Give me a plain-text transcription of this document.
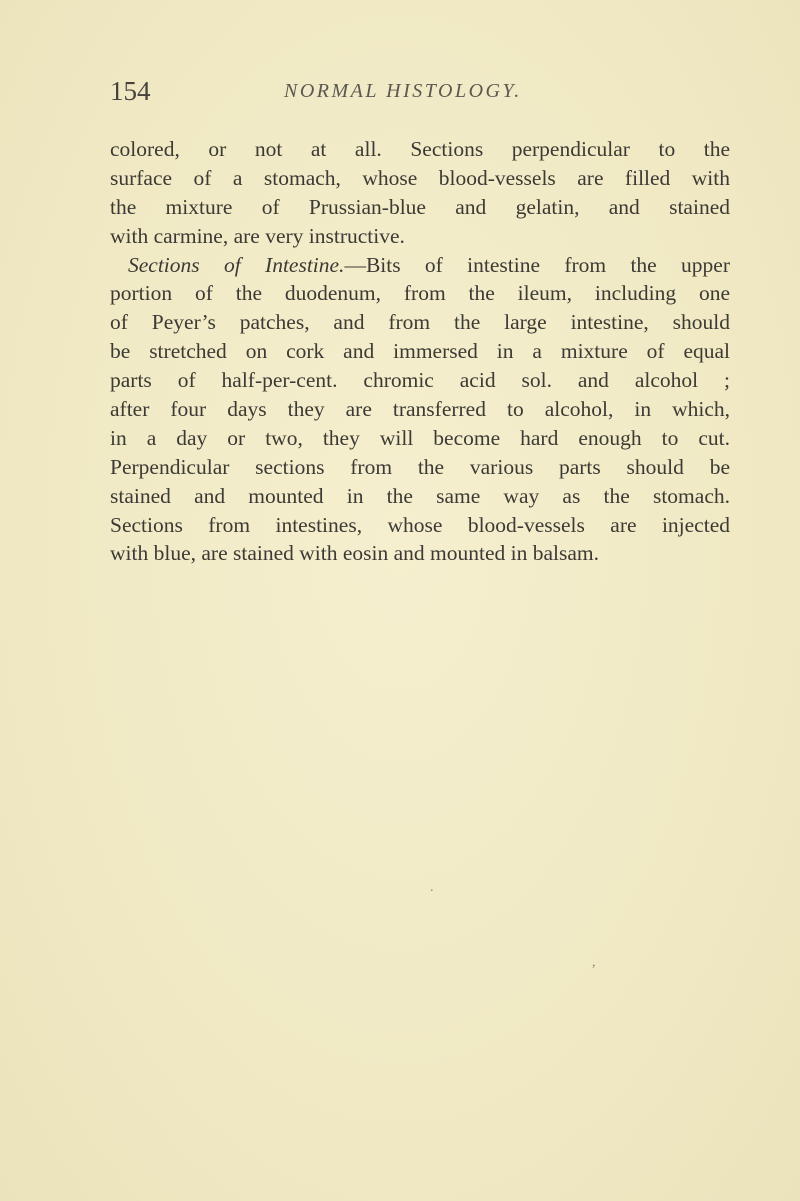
154	NORMAL HISTOLOGY.
colored, or not at all. Sections perpendicular to the
surface of a stomach, whose blood-vessels are filled with
the mixture of Prussian-blue and gelatin, and stained
with carmine, are very instructive.
Sections of Intestine.—Bits of intestine from the upper
portion of the duodenum, from the ileum, including one
of Peyer’s patches, and from the large intestine, should
be stretched on cork and immersed in a mixture of equal
parts of half-per-cent. chromic acid sol. and alcohol ;
after four days they are transferred to alcohol, in which,
in a day or two, they will become hard enough to cut.
Perpendicular sections from the various parts should be
stained and mounted in the same way as the stomach.
Sections from intestines, whose blood-vessels are injected
with blue, are stained with eosin and mounted in balsam.
.
,
